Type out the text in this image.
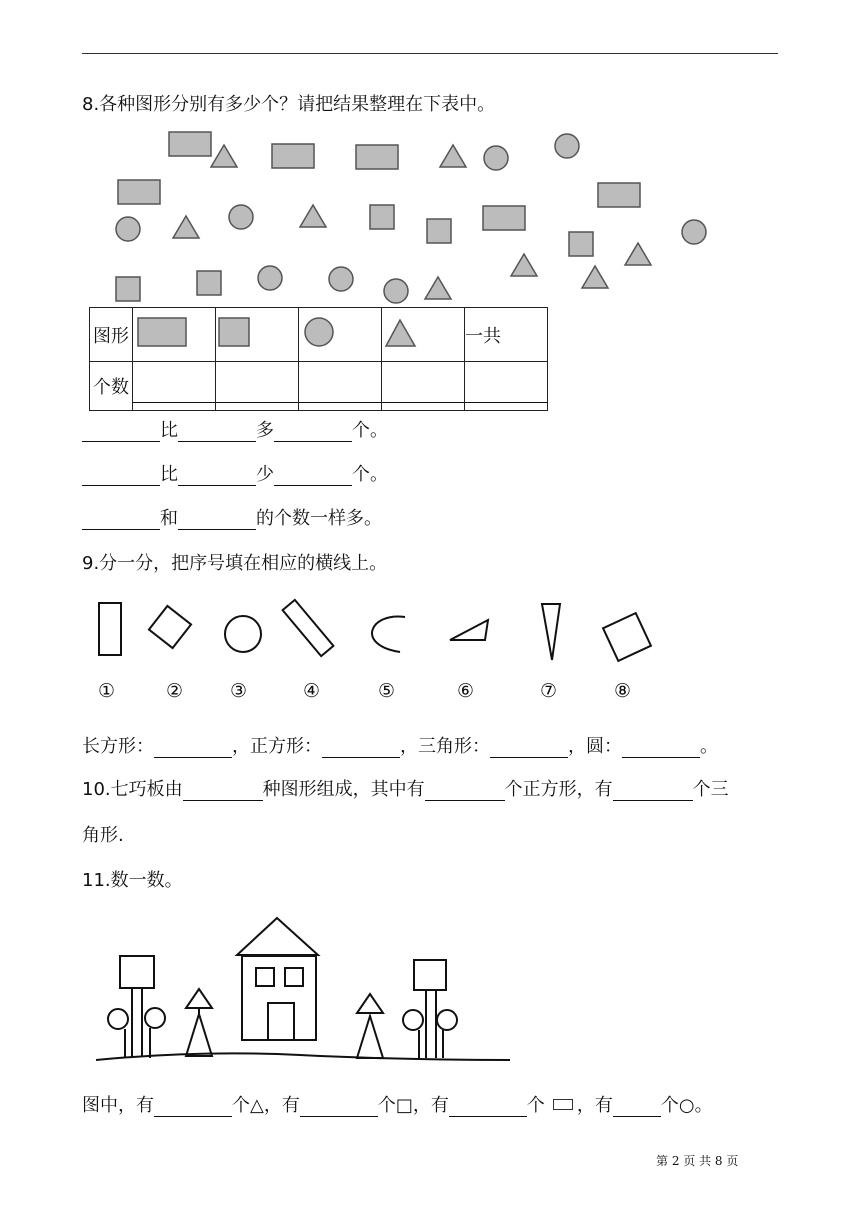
8.各种图形分别有多少个？请把结果整理在下表中。
图形					一共
个数	

比	多	个。
比	少	个。
和	的个数一样多。
9.分一分，把序号填在相应的横线上。
①	② ③	④	⑤	⑥	⑦	⑧
长方形：	，正方形：	，三角形：	，圆：	。
10.七巧板由	种图形组成，其中有	个正方形，有	个三
角形.
11.数一数。
图中，有	个△，有	个□，有	个 ，有	个○。
第 2 页 共 8 页
